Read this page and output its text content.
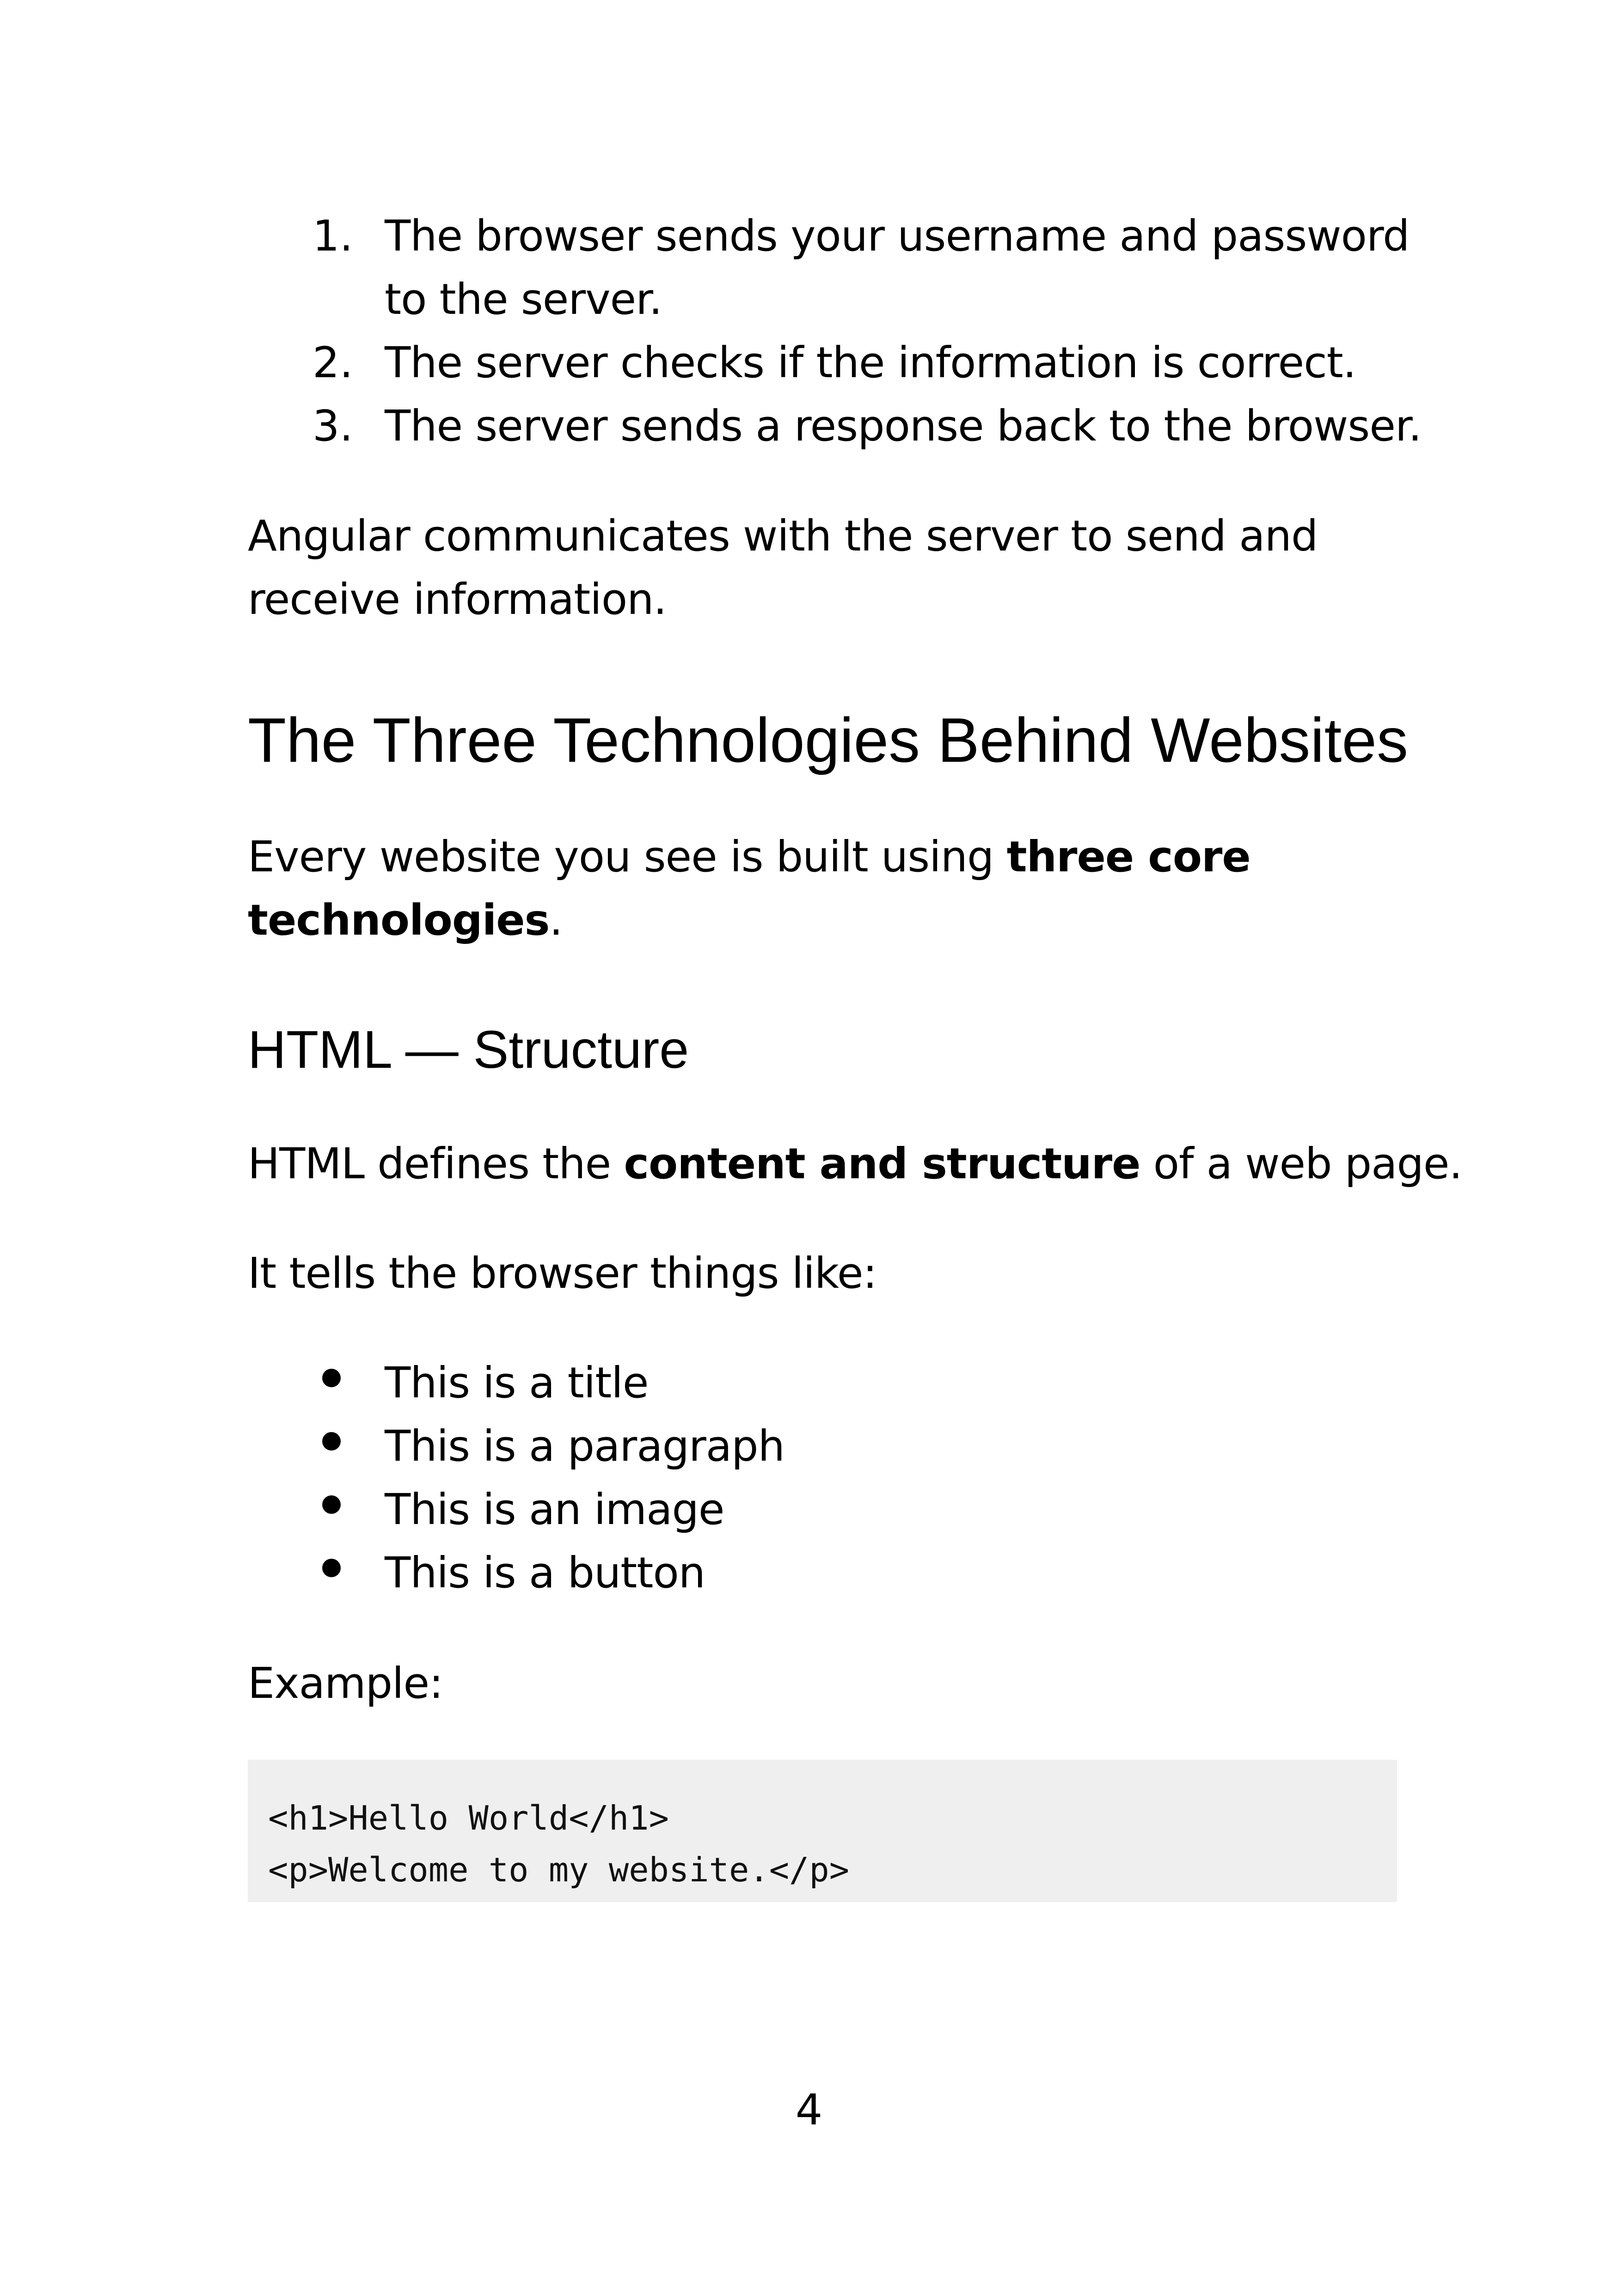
1. The browser sends your username and password

to the server.

2. The server checks if the information is correct.

3. The server sends a response back to the browser.

Angular communicates with the server to send and

receive information.

The Three Technologies Behind Websites

Every website you see is built using three core

technologies.

HTML — Structure

HTML defines the content and structure of a web page.

It tells the browser things like:

This is a title

This is a paragraph

This is an image

This is a button

Example:

<h1>Hello World</h1>
<p>Welcome to my website.</p>
4
